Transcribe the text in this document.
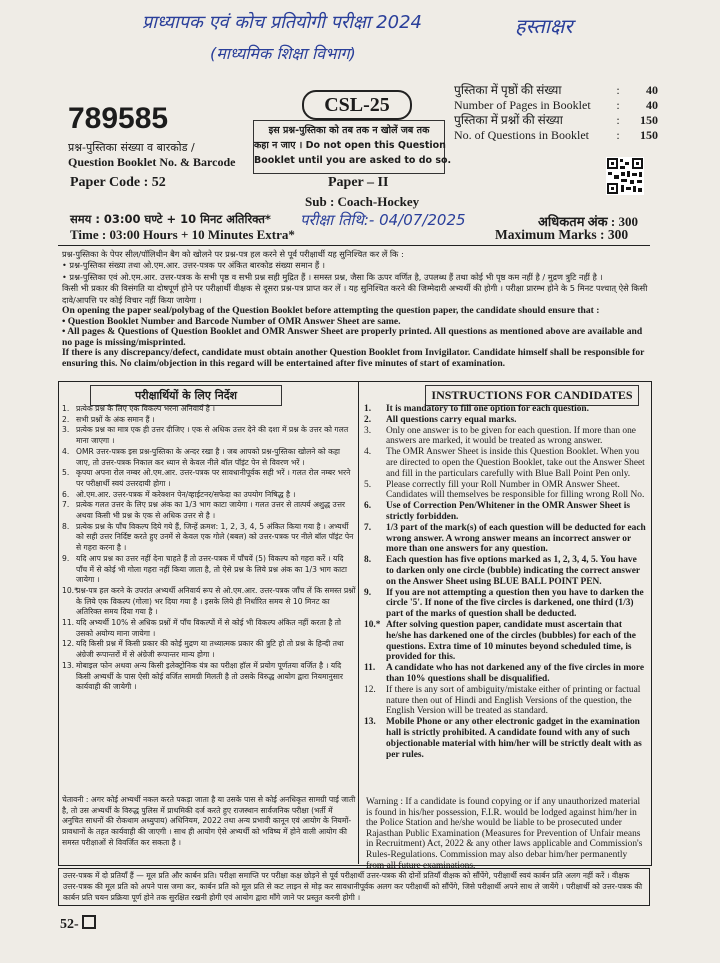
प्राध्यापक एवं कोच प्रतियोगी परीक्षा 2024
(माध्यमिक शिक्षा विभाग)
हस्ताक्षर
789585
प्रश्न-पुस्तिका संख्या व बारकोड /
Question Booklet No. & Barcode
Paper Code : 52
CSL-25
इस प्रश्न-पुस्तिका को तब तक न खोलें जब तक
कहा न जाए । Do not open this Question
Booklet until you are asked to do so.
पुस्तिका में पृष्ठों की संख्या	:	40
Number of Pages in Booklet	:	40
पुस्तिका में प्रश्नों की संख्या	:	150
No. of Questions in Booklet	:	150
Paper – II
Sub : Coach-Hockey
परीक्षा तिथि:- 04/07/2025
समय : 03:00 घण्टे + 10 मिनट अतिरिक्त*
Time : 03:00 Hours + 10 Minutes Extra*
अधिकतम अंक : 300
Maximum Marks : 300

प्रश्न-पुस्तिका के पेपर सील/पॉलिथीन बैग को खोलने पर प्रश्न-पत्र हल करने से पूर्व परीक्षार्थी यह सुनिश्चित कर लें कि :

• प्रश्न-पुस्तिका संख्या तथा ओ.एम.आर. उत्तर-पत्रक पर अंकित बारकोड संख्या समान हैं ।

• प्रश्न-पुस्तिका एवं ओ.एम.आर. उत्तर-पत्रक के सभी पृष्ठ व सभी प्रश्न सही मुद्रित हैं । समस्त प्रश्न, जैसा कि ऊपर वर्णित है, उपलब्ध हैं तथा कोई भी पृष्ठ कम नहीं है / मुद्रण त्रुटि नहीं है ।

किसी भी प्रकार की विसंगति या दोषपूर्ण होने पर परीक्षार्थी वीक्षक से दूसरा प्रश्न-पत्र प्राप्त कर लें । यह सुनिश्चित करने की जिम्मेदारी अभ्यर्थी की होगी । परीक्षा प्रारम्भ होने के 5 मिनट पश्चात् ऐसे किसी दावे/आपत्ति पर कोई विचार नहीं किया जायेगा ।

On opening the paper seal/polybag of the Question Booklet before attempting the question paper, the candidate should ensure that :

• Question Booklet Number and Barcode Number of OMR Answer Sheet are same.

• All pages & Questions of Question Booklet and OMR Answer Sheet are properly printed. All questions as mentioned above are available and no page is missing/misprinted.

If there is any discrepancy/defect, candidate must obtain another Question Booklet from Invigilator. Candidate himself shall be responsible for ensuring this. No claim/objection in this regard will be entertained after five minutes of start of examination.

परीक्षार्थियों के लिए निर्देश	INSTRUCTIONS FOR CANDIDATES
1. प्रत्येक प्रश्न के लिए एक विकल्प भरना अनिवार्य है ।
2. सभी प्रश्नों के अंक समान हैं ।
3. प्रत्येक प्रश्न का मात्र एक ही उत्तर दीजिए । एक से अधिक उत्तर देने की दशा में प्रश्न के उत्तर को गलत माना जाएगा ।
4. OMR उत्तर-पत्रक इस प्रश्न-पुस्तिका के अन्दर रखा है । जब आपको प्रश्न-पुस्तिका खोलने को कहा जाए, तो उत्तर-पत्रक निकाल कर ध्यान से केवल नीले बॉल पॉइंट पेन से विवरण भरें ।
5. कृपया अपना रोल नम्बर ओ.एम.आर. उत्तर-पत्रक पर सावधानीपूर्वक सही भरें । गलत रोल नम्बर भरने पर परीक्षार्थी स्वयं उत्तरदायी होगा ।
6. ओ.एम.आर. उत्तर-पत्रक में करेक्शन पेन/व्हाईटनर/सफेदा का उपयोग निषिद्ध है ।
7. प्रत्येक गलत उत्तर के लिए प्रश्न अंक का 1/3 भाग काटा जायेगा । गलत उत्तर से तात्पर्य अशुद्ध उत्तर अथवा किसी भी प्रश्न के एक से अधिक उत्तर से है ।
8. प्रत्येक प्रश्न के पाँच विकल्प दिये गये हैं, जिन्हें क्रमश: 1, 2, 3, 4, 5 अंकित किया गया है । अभ्यर्थी को सही उत्तर निर्दिष्ट करते हुए उनमें से केवल एक गोले (बबल) को उत्तर-पत्रक पर नीले बॉल पॉइंट पेन से गहरा करना है ।
9. यदि आप प्रश्न का उत्तर नहीं देना चाहते हैं तो उत्तर-पत्रक में पाँचवें (5) विकल्प को गहरा करें । यदि पाँच में से कोई भी गोला गहरा नहीं किया जाता है, तो ऐसे प्रश्न के लिये प्रश्न अंक का 1/3 भाग काटा जायेगा ।
10.*
प्रश्न-पत्र हल करने के उपरांत अभ्यर्थी अनिवार्य रूप से ओ.एम.आर. उत्तर-पत्रक जाँच लें कि समस्त प्रश्नों के लिये एक विकल्प (गोला) भर दिया गया है । इसके लिये ही निर्धारित समय से 10 मिनट का अतिरिक्त समय दिया गया है ।
11. यदि अभ्यर्थी 10% से अधिक प्रश्नों में पाँच विकल्पों में से कोई भी विकल्प अंकित नहीं करता है तो उसको अयोग्य माना जायेगा ।
12. यदि किसी प्रश्न में किसी प्रकार की कोई मुद्रण या तथ्यात्मक प्रकार की त्रुटि हो तो प्रश्न के हिन्दी तथा अंग्रेजी रूपान्तरों में से अंग्रेजी रूपान्तर मान्य होगा ।
13. मोबाइल फोन अथवा अन्य किसी इलेक्ट्रोनिक यंत्र का परीक्षा हॉल में प्रयोग पूर्णतया वर्जित है । यदि किसी अभ्यर्थी के पास ऐसी कोई वर्जित सामग्री मिलती है तो उसके विरुद्ध आयोग द्वारा नियमानुसार कार्यवाही की जायेगी ।
चेतावनी : अगर कोई अभ्यर्थी नकल करते पकड़ा जाता है या उसके पास से कोई अनधिकृत सामग्री पाई जाती है, तो उस अभ्यर्थी के विरुद्ध पुलिस में प्राथमिकी दर्ज करते हुए राजस्थान सार्वजनिक परीक्षा (भर्ती में अनुचित साधनों की रोकथाम अध्युपाय) अधिनियम, 2022 तथा अन्य प्रभावी कानून एवं आयोग के नियमों-प्रावधानों के तहत कार्यवाही की जाएगी । साथ ही आयोग ऐसे अभ्यर्थी को भविष्य में होने वाली आयोग की समस्त परीक्षाओं से विवर्जित कर सकता है ।
1.	It is mandatory to fill one option for each question.
2.	All questions carry equal marks.
3.	Only one answer is to be given for each question. If more than one answers are marked, it would be treated as wrong answer.
4.	The OMR Answer Sheet is inside this Question Booklet. When you are directed to open the Question Booklet, take out the Answer Sheet and fill in the particulars carefully with Blue Ball Point Pen only.
5.	Please correctly fill your Roll Number in OMR Answer Sheet. Candidates will themselves be responsible for filling wrong Roll No.
6.	Use of Correction Pen/Whitener in the OMR Answer Sheet is strictly forbidden.
7.	1/3 part of the mark(s) of each question will be deducted for each wrong answer. A wrong answer means an incorrect answer or more than one answers for any question.
8.	Each question has five options marked as 1, 2, 3, 4, 5. You have to darken only one circle (bubble) indicating the correct answer on the Answer Sheet using BLUE BALL POINT PEN.
9.	If you are not attempting a question then you have to darken the circle '5'. If none of the five circles is darkened, one third (1/3) part of the marks of question shall be deducted.
10.* After solving question paper, candidate must ascertain that he/she has darkened one of the circles (bubbles) for each of the questions. Extra time of 10 minutes beyond scheduled time, is provided for this.
11.	A candidate who has not darkened any of the five circles in more than 10% questions shall be disqualified.
12.	If there is any sort of ambiguity/mistake either of printing or factual nature then out of Hindi and English Versions of the question, the English Version will be treated as standard.
13.	Mobile Phone or any other electronic gadget in the examination hall is strictly prohibited. A candidate found with any of such objectionable material with him/her will be strictly dealt with as per rules.
Warning : If a candidate is found copying or if any unauthorized material is found in his/her possession, F.I.R. would be lodged against him/her in the Police Station and he/she would be liable to be prosecuted under Rajasthan Public Examination (Measures for Prevention of Unfair means in Recruitment) Act, 2022 & any other laws applicable and Commission's Rules-Regulations. Commission may also debar him/her permanently from all future examinations.
उत्तर-पत्रक में दो प्रतियाँ हैं — मूल प्रति और कार्बन प्रति। परीक्षा समाप्ति पर परीक्षा कक्ष छोड़ने से पूर्व परीक्षार्थी उत्तर-पत्रक की दोनों प्रतियाँ वीक्षक को सौंपेंगे, परीक्षार्थी स्वयं कार्बन प्रति अलग नहीं करें । वीक्षक उत्तर-पत्रक की मूल प्रति को अपने पास जमा कर, कार्बन प्रति को मूल प्रति से कट लाइन से मोड़ कर सावधानीपूर्वक अलग कर परीक्षार्थी को सौंपेंगे, जिसे परीक्षार्थी अपने साथ ले जायेंगे । परीक्षार्थी को उत्तर-पत्रक की कार्बन प्रति चयन प्रक्रिया पूर्ण होने तक सुरक्षित रखनी होगी एवं आयोग द्वारा माँगे जाने पर प्रस्तुत करनी होगी ।
52-
